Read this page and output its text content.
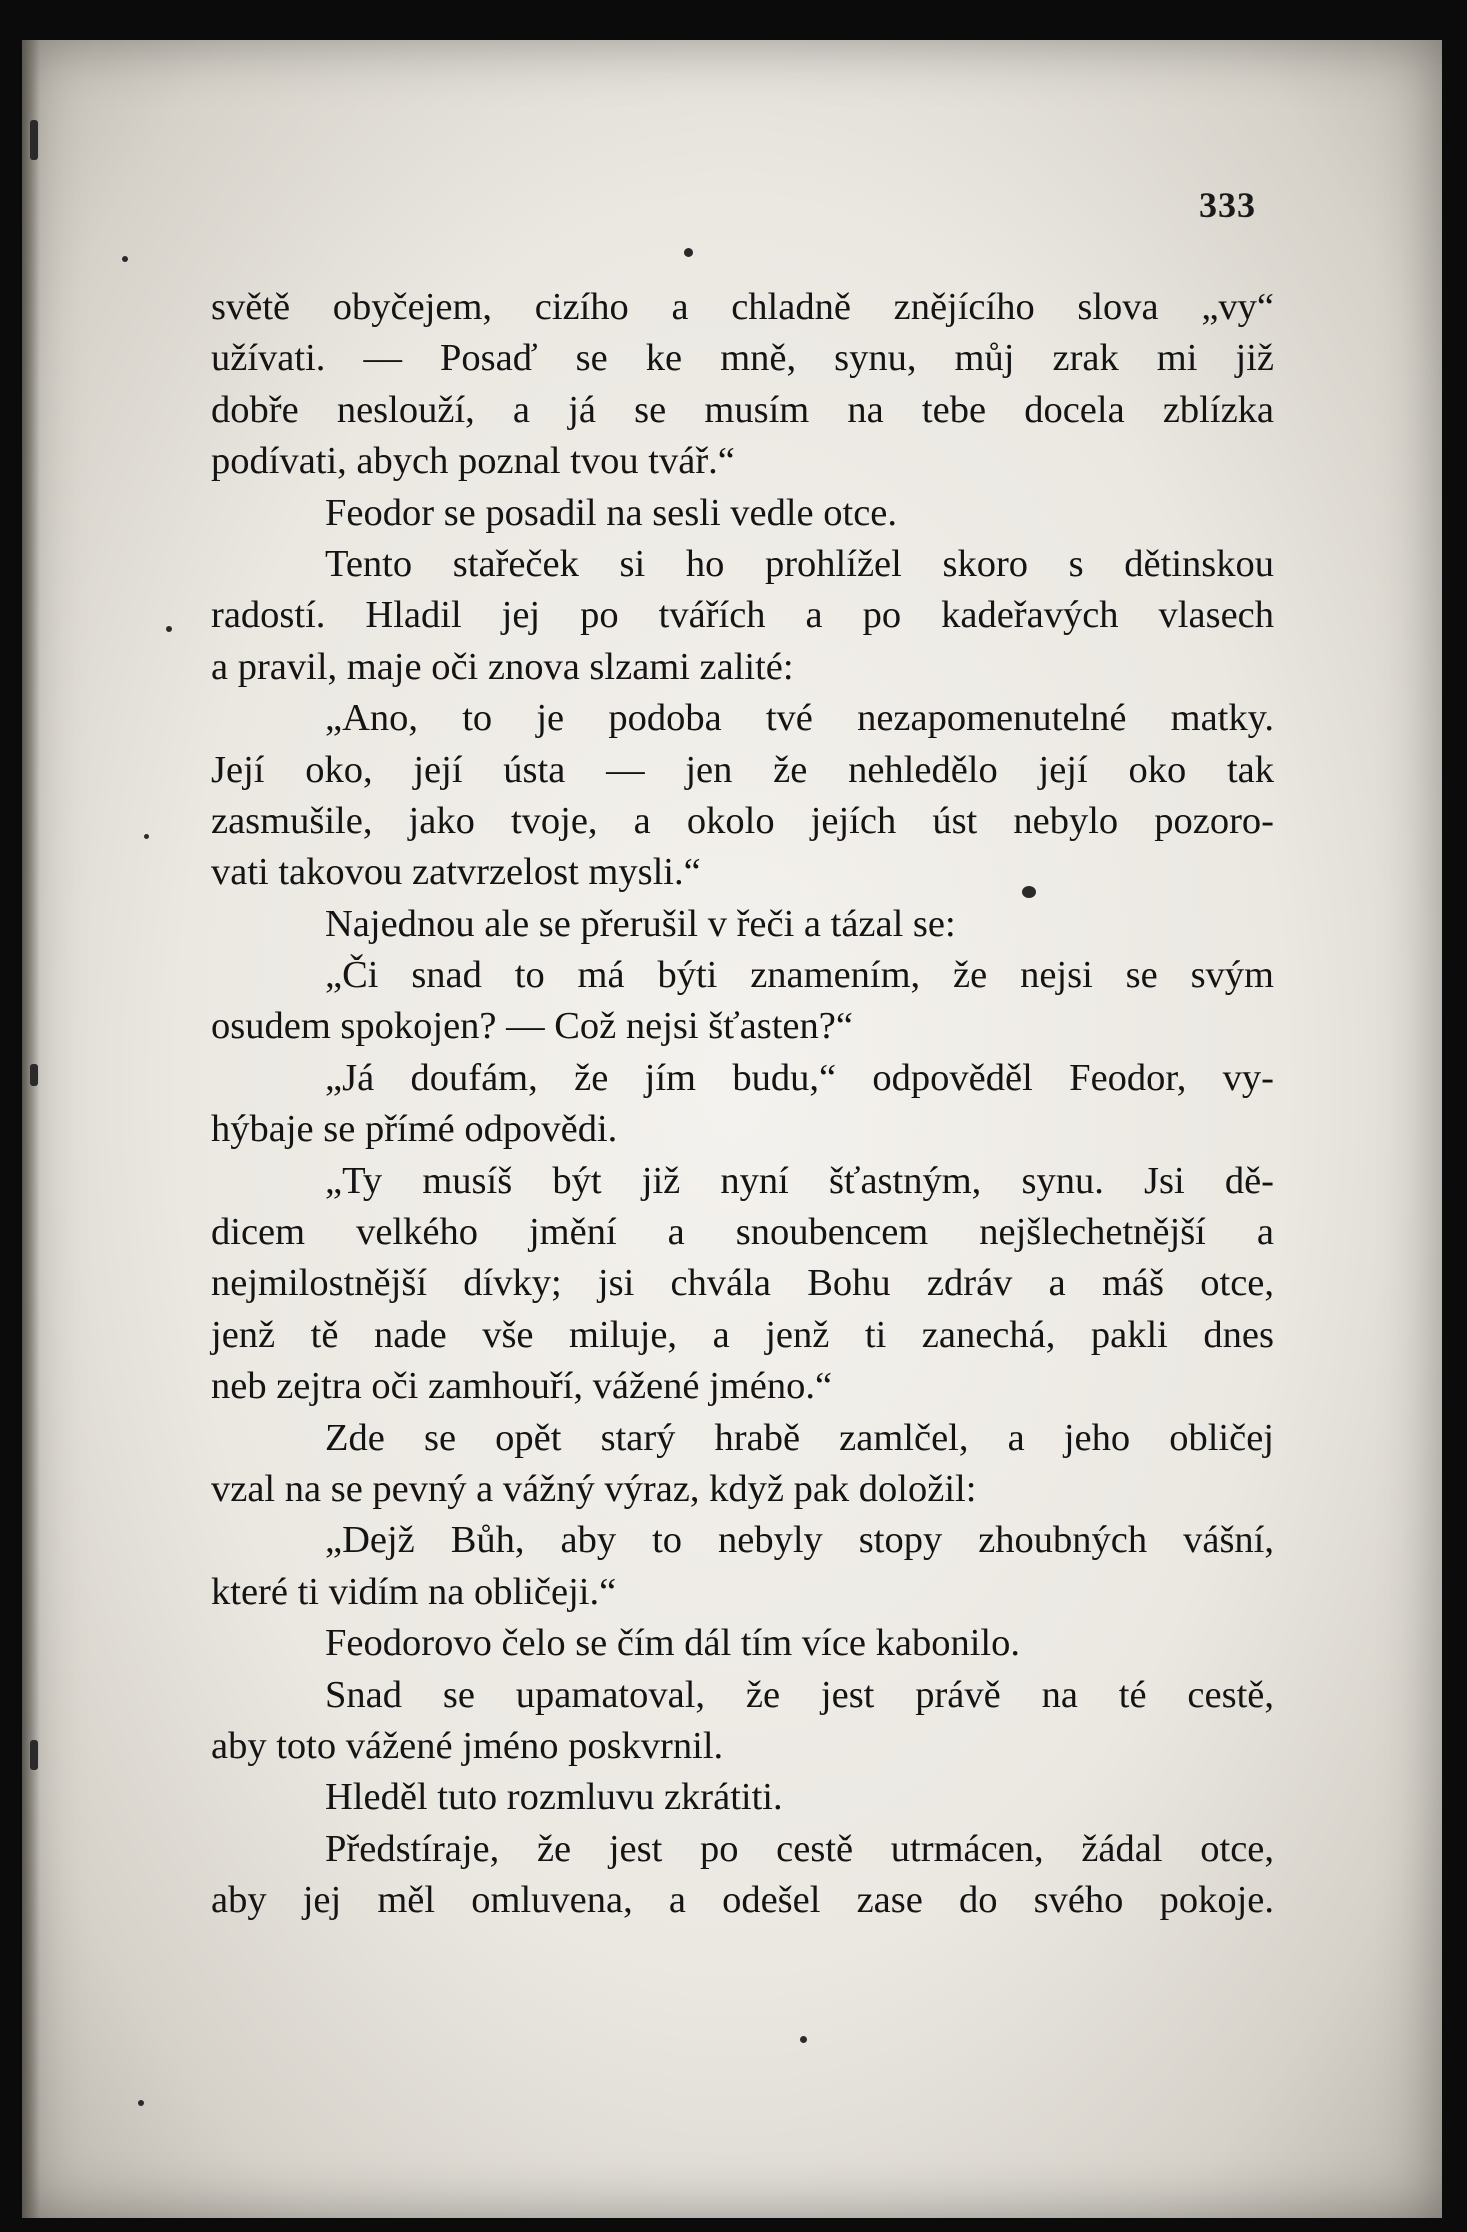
333
světě obyčejem, cizího a chladně znějícího slova „vy“
užívati. — Posaď se ke mně, synu, můj zrak mi již
dobře neslouží, a já se musím na tebe docela zblízka
podívati, abych poznal tvou tvář.“
Feodor se posadil na sesli vedle otce.
Tento stařeček si ho prohlížel skoro s dětinskou
radostí. Hladil jej po tvářích a po kadeřavých vlasech
a pravil, maje oči znova slzami zalité:
„Ano, to je podoba tvé nezapomenutelné matky.
Její oko, její ústa — jen že nehledělo její oko tak
zasmušile, jako tvoje, a okolo jejích úst nebylo pozoro-
vati takovou zatvrzelost mysli.“
Najednou ale se přerušil v řeči a tázal se:
„Či snad to má býti znamením, že nejsi se svým
osudem spokojen? — Což nejsi šťasten?“
„Já doufám, že jím budu,“ odpověděl Feodor, vy-
hýbaje se přímé odpovědi.
„Ty musíš být již nyní šťastným, synu. Jsi dě-
dicem velkého jmění a snoubencem nejšlechetnější a
nejmilostnější dívky; jsi chvála Bohu zdráv a máš otce,
jenž tě nade vše miluje, a jenž ti zanechá, pakli dnes
neb zejtra oči zamhouří, vážené jméno.“
Zde se opět starý hrabě zamlčel, a jeho obličej
vzal na se pevný a vážný výraz, když pak doložil:
„Dejž Bůh, aby to nebyly stopy zhoubných vášní,
které ti vidím na obličeji.“
Feodorovo čelo se čím dál tím více kabonilo.
Snad se upamatoval, že jest právě na té cestě,
aby toto vážené jméno poskvrnil.
Hleděl tuto rozmluvu zkrátiti.
Předstíraje, že jest po cestě utrmácen, žádal otce,
aby jej měl omluvena, a odešel zase do svého pokoje.
